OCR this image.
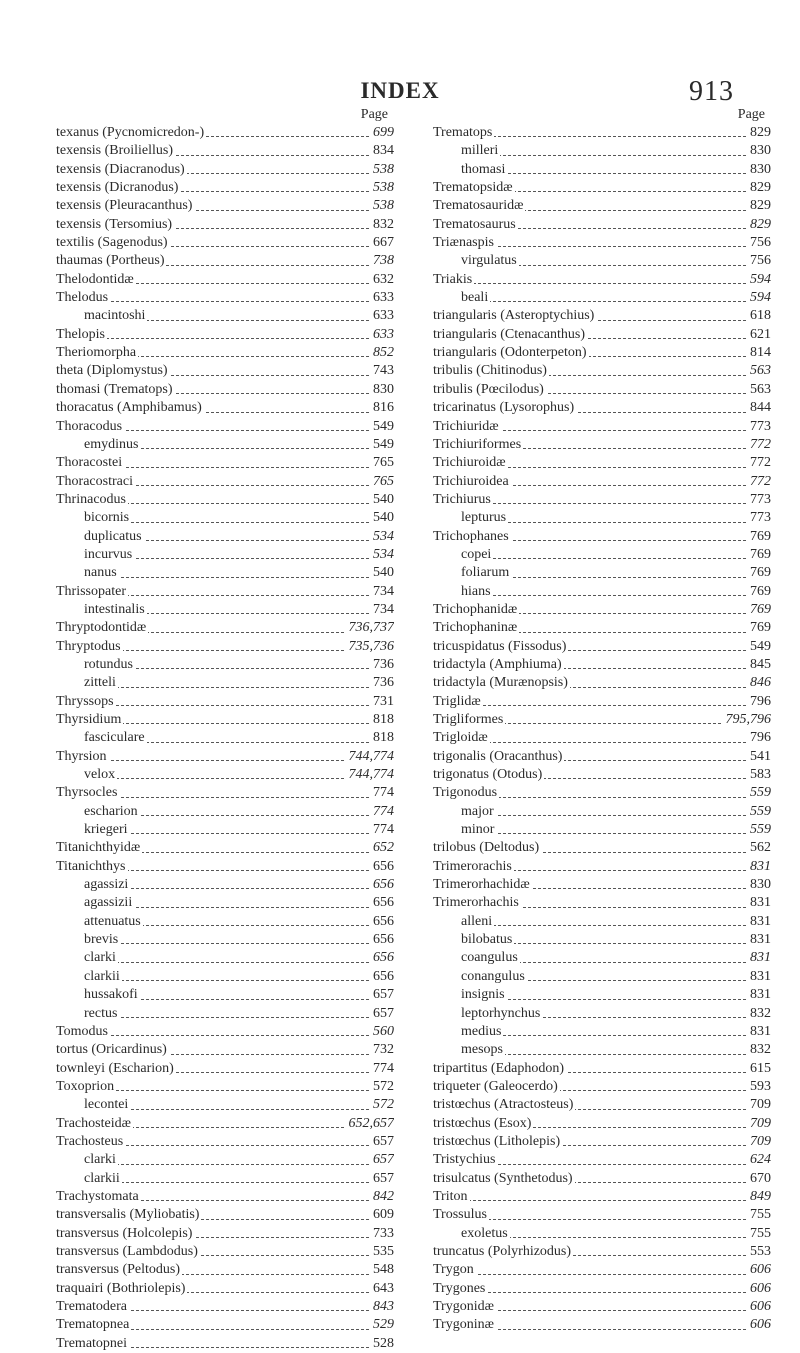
INDEX	913
Page
texanus (Pycnomicredon-)	699
texensis (Broiliellus)	834
texensis (Diacranodus)	538
texensis (Dicranodus)	538
texensis (Pleuracanthus)	538
texensis (Tersomius)	832
textilis (Sagenodus)	667
thaumas (Portheus)	738
Thelodontidæ	632
Thelodus	633
macintoshi	633
Thelopis	633
Theriomorpha	852
theta (Diplomystus)	743
thomasi (Trematops)	830
thoracatus (Amphibamus)	816
Thoracodus	549
emydinus	549
Thoracostei	765
Thoracostraci	765
Thrinacodus	540
bicornis	540
duplicatus	534
incurvus	534
nanus	540
Thrissopater	734
intestinalis	734
Thryptodontidæ	736,737
Thryptodus	735,736
rotundus	736
zitteli	736
Thryssops	731
Thyrsidium	818
fasciculare	818
Thyrsion	744,774
velox	744,774
Thyrsocles	774
escharion	774
kriegeri	774
Titanichthyidæ	652
Titanichthys	656
agassizi	656
agassizii	656
attenuatus	656
brevis	656
clarki	656
clarkii	656
hussakofi	657
rectus	657
Tomodus	560
tortus (Oricardinus)	732
townleyi (Escharion)	774
Toxoprion	572
lecontei	572
Trachosteidæ	652,657
Trachosteus	657
clarki	657
clarkii	657
Trachystomata	842
transversalis (Myliobatis)	609
transversus (Holcolepis)	733
transversus (Lambdodus)	535
transversus (Peltodus)	548
traquairi (Bothriolepis)	643
Trematodera	843
Trematopnea	529
Trematopnei	528
Page
Trematops	829
milleri	830
thomasi	830
Trematopsidæ	829
Trematosauridæ	829
Trematosaurus	829
Triænaspis	756
virgulatus	756
Triakis	594
beali	594
triangularis (Asteroptychius)	618
triangularis (Ctenacanthus)	621
triangularis (Odonterpeton)	814
tribulis (Chitinodus)	563
tribulis (Pœcilodus)	563
tricarinatus (Lysorophus)	844
Trichiuridæ	773
Trichiuriformes	772
Trichiuroidæ	772
Trichiuroidea	772
Trichiurus	773
lepturus	773
Trichophanes	769
copei	769
foliarum	769
hians	769
Trichophanidæ	769
Trichophaninæ	769
tricuspidatus (Fissodus)	549
tridactyla (Amphiuma)	845
tridactyla (Murænopsis)	846
Triglidæ	796
Trigliformes	795,796
Trigloidæ	796
trigonalis (Oracanthus)	541
trigonatus (Otodus)	583
Trigonodus	559
major	559
minor	559
trilobus (Deltodus)	562
Trimerorachis	831
Trimerorhachidæ	830
Trimerorhachis	831
alleni	831
bilobatus	831
coangulus	831
conangulus	831
insignis	831
leptorhynchus	832
medius	831
mesops	832
tripartitus (Edaphodon)	615
triqueter (Galeocerdo)	593
tristœchus (Atractosteus)	709
tristœchus (Esox)	709
tristœchus (Litholepis)	709
Tristychius	624
trisulcatus (Synthetodus)	670
Triton	849
Trossulus	755
exoletus	755
truncatus (Polyrhizodus)	553
Trygon	606
Trygones	606
Trygonidæ	606
Trygoninæ	606
